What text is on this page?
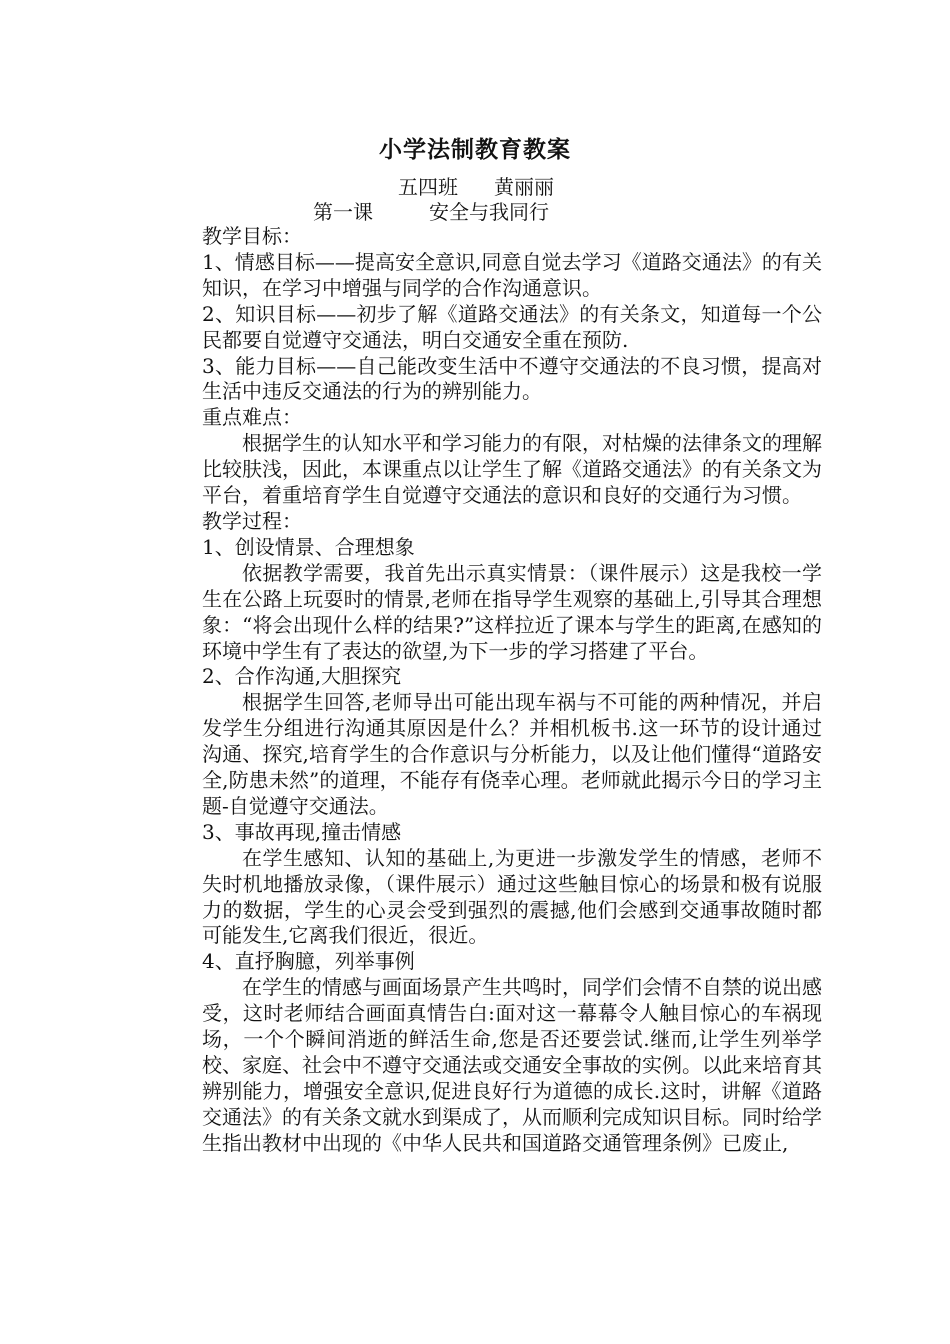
小学法制教育教案
五四班 黄丽丽
第一课	安全与我同行

教学目标：

1、情感目标——提高安全意识,同意自觉去学习《道路交通法》的有关知识，在学习中增强与同学的合作沟通意识。

2、知识目标——初步了解《道路交通法》的有关条文，知道每一个公民都要自觉遵守交通法，明白交通安全重在预防.

3、能力目标——自己能改变生活中不遵守交通法的不良习惯，提高对生活中违反交通法的行为的辨别能力。

重点难点：

根据学生的认知水平和学习能力的有限，对枯燥的法律条文的理解比较肤浅，因此，本课重点以让学生了解《道路交通法》的有关条文为平台，着重培育学生自觉遵守交通法的意识和良好的交通行为习惯。

教学过程：

1、创设情景、合理想象

依据教学需要，我首先出示真实情景：（课件展示）这是我校一学生在公路上玩耍时的情景,老师在指导学生观察的基础上,引导其合理想象：“将会出现什么样的结果?”这样拉近了课本与学生的距离,在感知的环境中学生有了表达的欲望,为下一步的学习搭建了平台。

2、合作沟通,大胆探究

根据学生回答,老师导出可能出现车祸与不可能的两种情况，并启发学生分组进行沟通其原因是什么？并相机板书.这一环节的设计通过沟通、探究,培育学生的合作意识与分析能力，以及让他们懂得“道路安全,防患未然”的道理，不能存有侥幸心理。老师就此揭示今日的学习主题-自觉遵守交通法。

3、事故再现,撞击情感

在学生感知、认知的基础上,为更进一步激发学生的情感，老师不失时机地播放录像，（课件展示）通过这些触目惊心的场景和极有说服力的数据，学生的心灵会受到强烈的震撼,他们会感到交通事故随时都可能发生,它离我们很近，很近。

4、直抒胸臆，列举事例

在学生的情感与画面场景产生共鸣时，同学们会情不自禁的说出感受，这时老师结合画面真情告白:面对这一幕幕令人触目惊心的车祸现场，一个个瞬间消逝的鲜活生命,您是否还要尝试.继而,让学生列举学校、家庭、社会中不遵守交通法或交通安全事故的实例。以此来培育其辨别能力，增强安全意识,促进良好行为道德的成长.这时，讲解《道路交通法》的有关条文就水到渠成了，从而顺利完成知识目标。同时给学生指出教材中出现的《中华人民共和国道路交通管理条例》已废止,
